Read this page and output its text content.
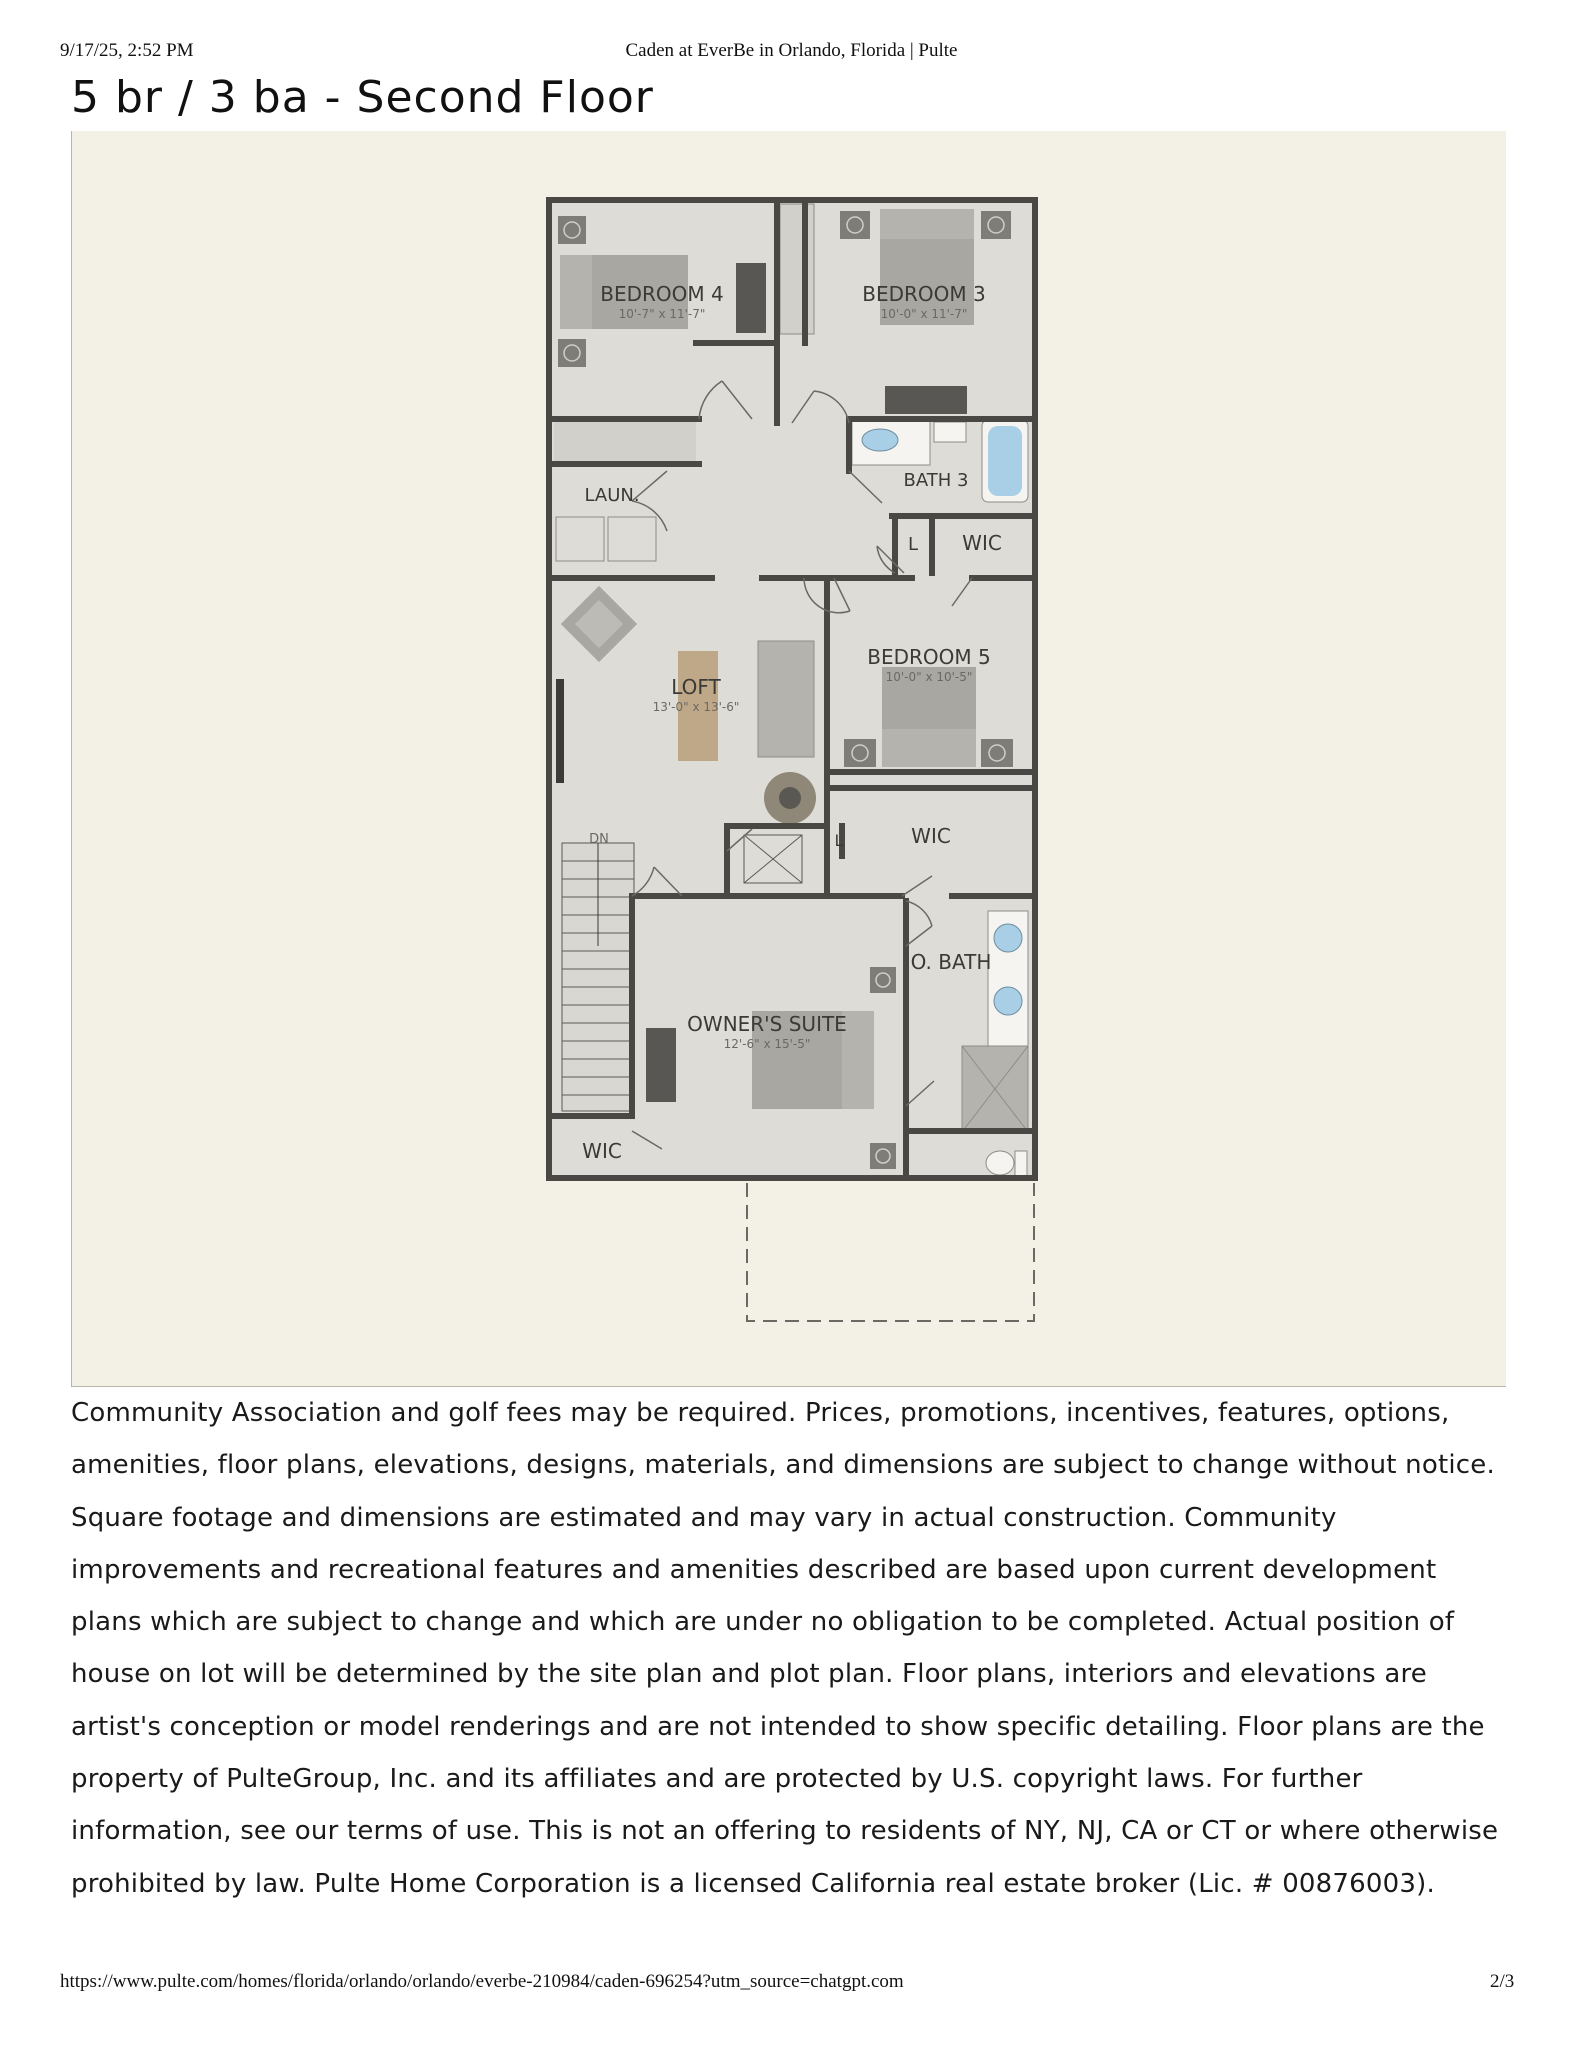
9/17/25, 2:52 PM	Caden at EverBe in Orlando, Florida | Pulte
5 br / 3 ba - Second Floor
BEDROOM 4
10'-7" x 11'-7"
BEDROOM 3
10'-0" x 11'-7"
BATH 3
LAUN.
L WIC
LOFT
13'-0" x 13'-6"
BEDROOM 5
10'-0" x 10'-5"
DN	L	WIC
O. BATH
OWNER'S SUITE
12'-6" x 15'-5"
WIC

Community Association and golf fees may be required. Prices, promotions, incentives, features, options, amenities, floor plans, elevations, designs, materials, and dimensions are subject to change without notice. Square footage and dimensions are estimated and may vary in actual construction. Community improvements and recreational features and amenities described are based upon current development plans which are subject to change and which are under no obligation to be completed. Actual position of house on lot will be determined by the site plan and plot plan. Floor plans, interiors and elevations are artist's conception or model renderings and are not intended to show specific detailing. Floor plans are the property of PulteGroup, Inc. and its affiliates and are protected by U.S. copyright laws. For further information, see our terms of use. This is not an offering to residents of NY, NJ, CA or CT or where otherwise prohibited by law. Pulte Home Corporation is a licensed California real estate broker (Lic. # 00876003).

https://www.pulte.com/homes/florida/orlando/orlando/everbe-210984/caden-696254?utm_source=chatgpt.com	2/3
